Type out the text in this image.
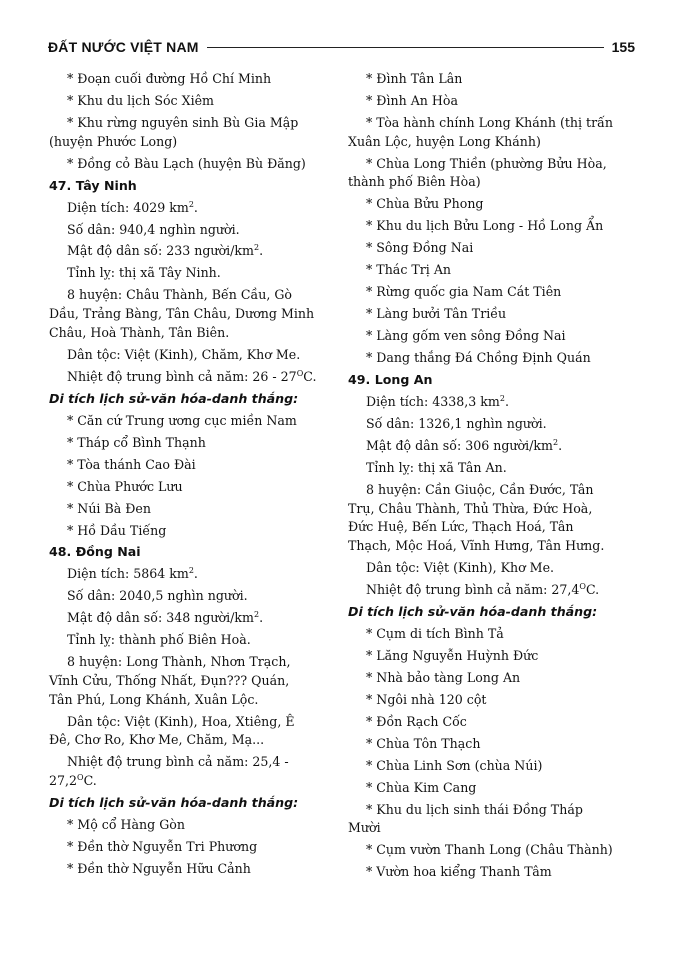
ĐẤT NƯỚC VIỆT NAM	155
* Đoạn cuối đường Hồ Chí Minh
* Khu du lịch Sóc Xiêm
* Khu rừng nguyên sinh Bù Gia Mập
(huyện Phước Long)
* Đồng cỏ Bàu Lạch (huyện Bù Đăng)
47. Tây Ninh
Diện tích: 4029 $km^2$.
Số dân: 940,4 nghìn người.
Mật độ dân số: 233 người/$km^2$.
Tỉnh lỵ: thị xã Tây Ninh.
8 huyện: Châu Thành, Bến Cầu, Gò
Dầu, Trảng Bàng, Tân Châu, Dương Minh
Châu, Hoà Thành, Tân Biên.
Dân tộc: Việt (Kinh), Chăm, Khơ Me.
Nhiệt độ trung bình cả năm: $26 - 27^OC$.
Di tích lịch sử-văn hóa-danh thắng:
* Căn cứ Trung ương cục miền Nam
* Tháp cổ Bình Thạnh
* Tòa thánh Cao Đài
* Chùa Phước Lưu
* Núi Bà Đen
* Hồ Dầu Tiếng
48. Đồng Nai
Diện tích: 5864 $km^2$.
Số dân: 2040,5 nghìn người.
Mật độ dân số: 348 người/$km^2$.
Tỉnh lỵ: thành phố Biên Hoà.
8 huyện: Long Thành, Nhơn Trạch,
Vĩnh Cửu, Thống Nhất, Đụn??? Quán,
Tân Phú, Long Khánh, Xuân Lộc.
Dân tộc: Việt (Kinh), Hoa, Xtiêng, Ê
Đê, Chơ Ro, Khơ Me, Chăm, Mạ...
Nhiệt độ trung bình cả năm: 25,4 -
$27,2^OC$.
Di tích lịch sử-văn hóa-danh thắng:
* Mộ cổ Hàng Gòn
* Đền thờ Nguyễn Tri Phương
* Đền thờ Nguyễn Hữu Cảnh
* Đình Tân Lân
* Đình An Hòa
* Tòa hành chính Long Khánh (thị trấn
Xuân Lộc, huyện Long Khánh)
* Chùa Long Thiền (phường Bửu Hòa,
thành phố Biên Hòa)
* Chùa Bửu Phong
* Khu du lịch Bửu Long - Hồ Long Ẩn
* Sông Đồng Nai
* Thác Trị An
* Rừng quốc gia Nam Cát Tiên
* Làng bưởi Tân Triều
* Làng gốm ven sông Đồng Nai
* Dang thắng Đá Chồng Định Quán
49. Long An
Diện tích: 4338,3 $km^2$.
Số dân: 1326,1 nghìn người.
Mật độ dân số: 306 người/$km^2$.
Tỉnh lỵ: thị xã Tân An.
8 huyện: Cần Giuộc, Cần Đước, Tân
Trụ, Châu Thành, Thủ Thừa, Đức Hoà,
Đức Huệ, Bến Lức, Thạch Hoá, Tân
Thạch, Mộc Hoá, Vĩnh Hưng, Tân Hưng.
Dân tộc: Việt (Kinh), Khơ Me.
Nhiệt độ trung bình cả năm: $27,4^OC$.
Di tích lịch sử-văn hóa-danh thắng:
* Cụm di tích Bình Tả
* Lăng Nguyễn Huỳnh Đức
* Nhà bảo tàng Long An
* Ngôi nhà 120 cột
* Đồn Rạch Cốc
* Chùa Tôn Thạch
* Chùa Linh Sơn (chùa Núi)
* Chùa Kim Cang
* Khu du lịch sinh thái Đồng Tháp
Mười
* Cụm vườn Thanh Long (Châu Thành)
* Vườn hoa kiểng Thanh Tâm
